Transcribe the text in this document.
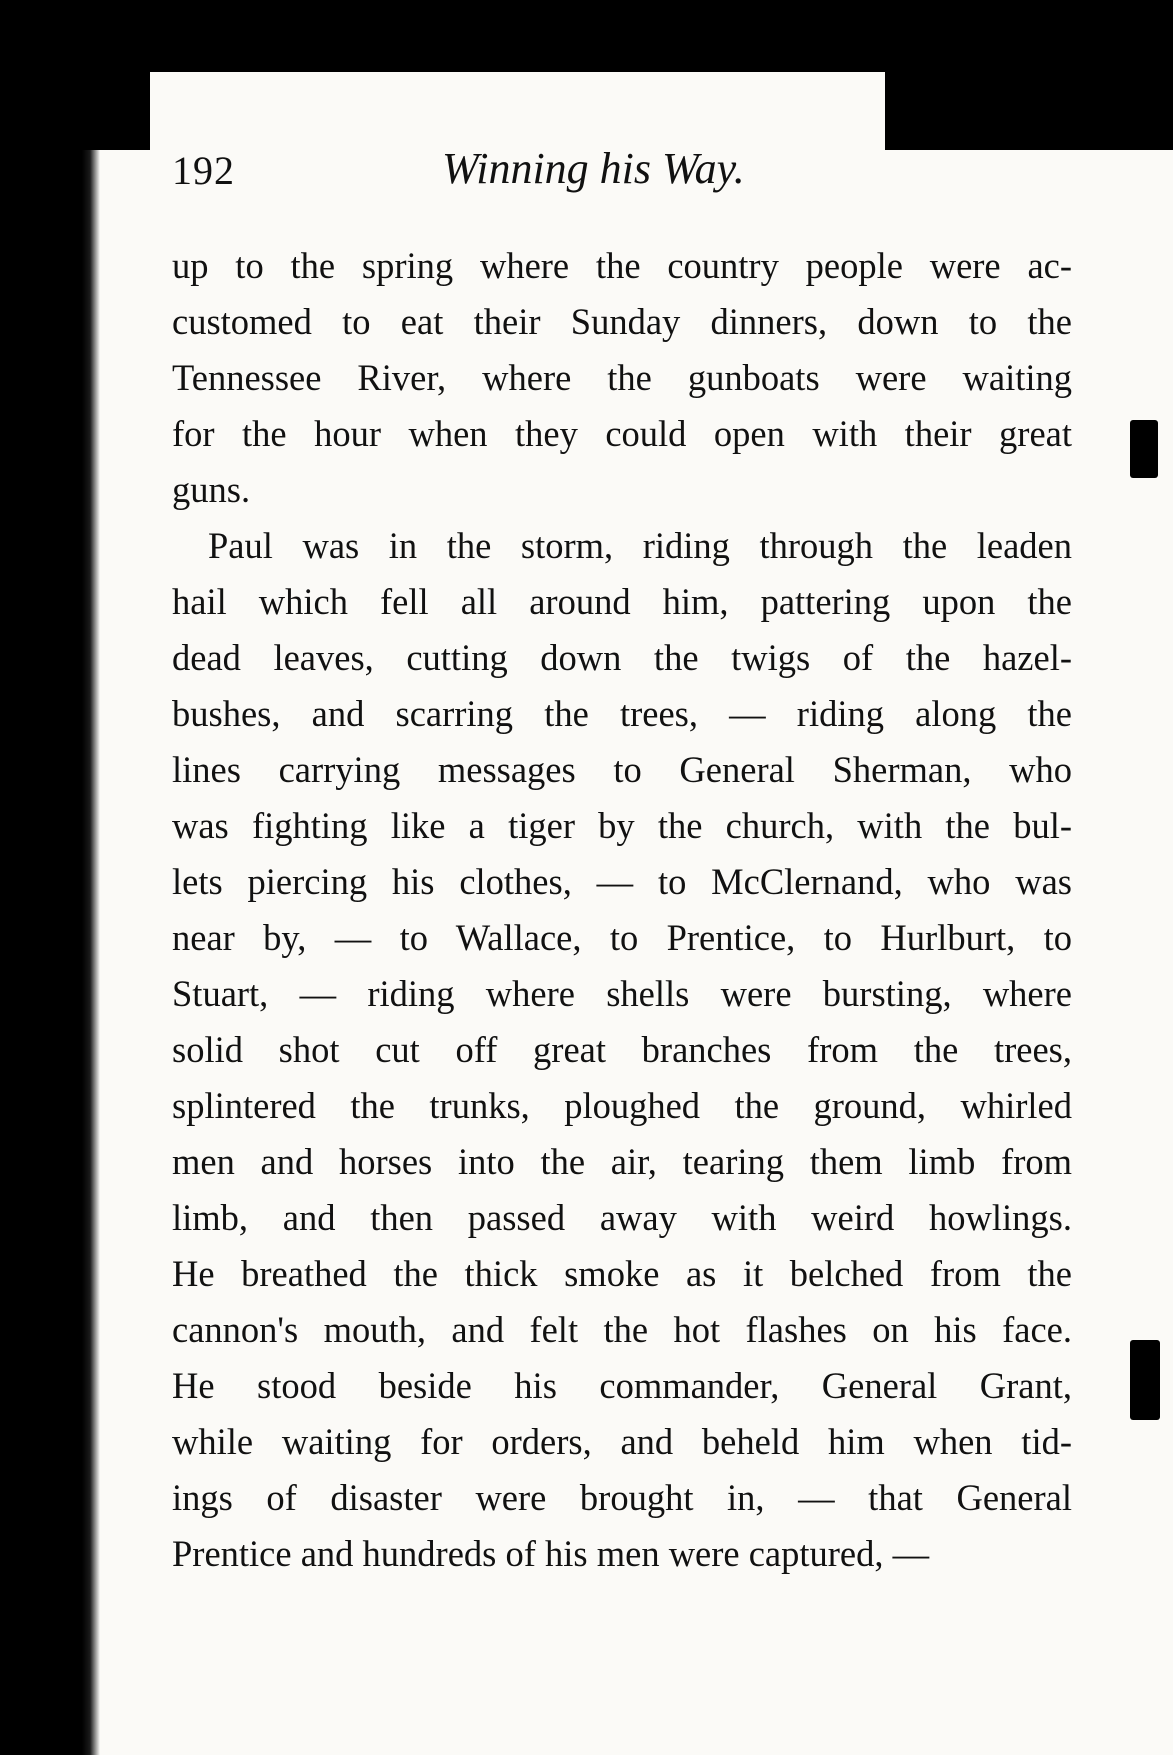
192	Winning his Way.

up to the spring where the country people were ac-
customed to eat their Sunday dinners, down to the
Tennessee River, where the gunboats were waiting
for the hour when they could open with their great
guns.

Paul was in the storm, riding through the leaden
hail which fell all around him, pattering upon the
dead leaves, cutting down the twigs of the hazel-
bushes, and scarring the trees, — riding along the
lines carrying messages to General Sherman, who
was fighting like a tiger by the church, with the bul-
lets piercing his clothes, — to McClernand, who was
near by, — to Wallace, to Prentice, to Hurlburt, to
Stuart, — riding where shells were bursting, where
solid shot cut off great branches from the trees,
splintered the trunks, ploughed the ground, whirled
men and horses into the air, tearing them limb from
limb, and then passed away with weird howlings.
He breathed the thick smoke as it belched from the
cannon's mouth, and felt the hot flashes on his face.
He stood beside his commander, General Grant,
while waiting for orders, and beheld him when tid-
ings of disaster were brought in, — that General
Prentice and hundreds of his men were captured, —
